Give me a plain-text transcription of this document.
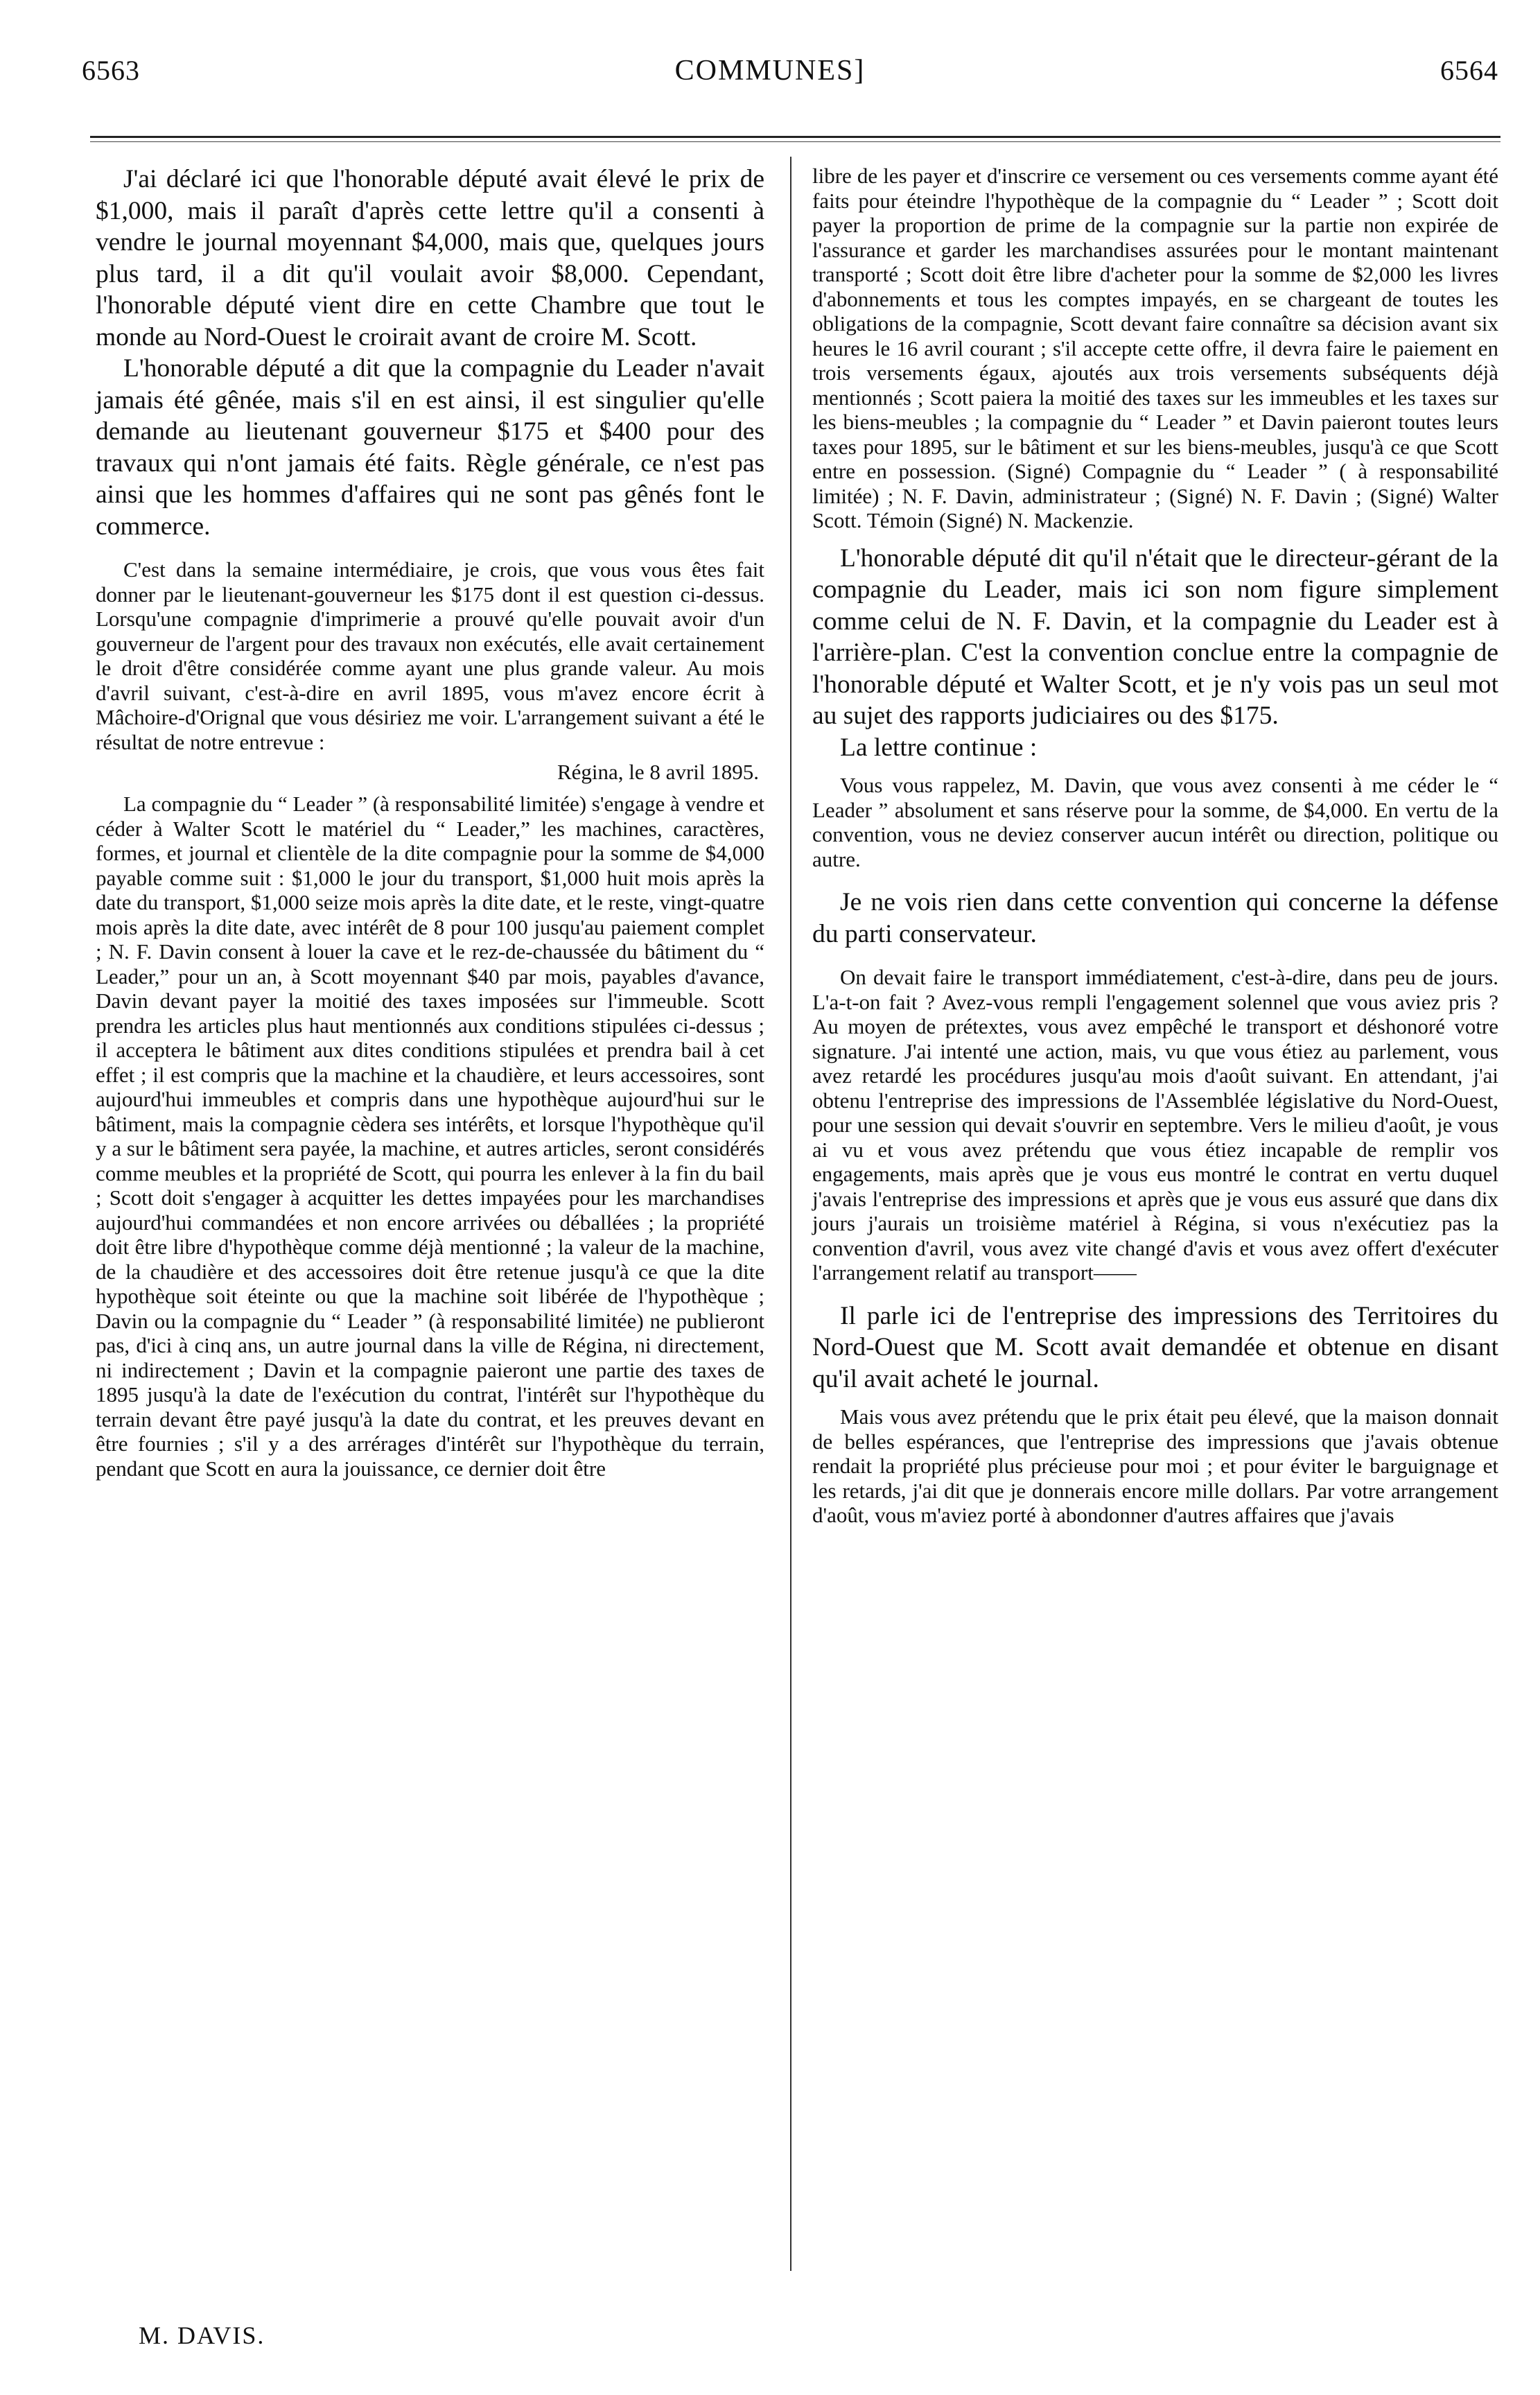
6563	COMMUNES]	6564

J'ai déclaré ici que l'honorable député avait élevé le prix de $1,000, mais il paraît d'après cette lettre qu'il a consenti à vendre le journal moyennant $4,000, mais que, quelques jours plus tard, il a dit qu'il voulait avoir $8,000. Cependant, l'honorable député vient dire en cette Chambre que tout le monde au Nord-Ouest le croirait avant de croire M. Scott.

L'honorable député a dit que la compagnie du Leader n'avait jamais été gênée, mais s'il en est ainsi, il est singulier qu'elle demande au lieutenant gouverneur $175 et $400 pour des travaux qui n'ont jamais été faits. Règle générale, ce n'est pas ainsi que les hommes d'affaires qui ne sont pas gênés font le commerce.

C'est dans la semaine intermédiaire, je crois, que vous vous êtes fait donner par le lieutenant-gouverneur les $175 dont il est question ci-dessus. Lorsqu'une compagnie d'imprimerie a prouvé qu'elle pouvait avoir d'un gouverneur de l'argent pour des travaux non exécutés, elle avait certainement le droit d'être considérée comme ayant une plus grande valeur. Au mois d'avril suivant, c'est-à-dire en avril 1895, vous m'avez encore écrit à Mâchoire-d'Orignal que vous désiriez me voir. L'arrangement suivant a été le résultat de notre entrevue :

Régina, le 8 avril 1895.

La compagnie du “ Leader ” (à responsabilité limitée) s'engage à vendre et céder à Walter Scott le matériel du “ Leader,” les machines, caractères, formes, et journal et clientèle de la dite compagnie pour la somme de $4,000 payable comme suit : $1,000 le jour du transport, $1,000 huit mois après la date du transport, $1,000 seize mois après la dite date, et le reste, vingt-quatre mois après la dite date, avec intérêt de 8 pour 100 jusqu'au paiement complet ; N. F. Davin consent à louer la cave et le rez-de-chaussée du bâtiment du “ Leader,” pour un an, à Scott moyennant $40 par mois, payables d'avance, Davin devant payer la moitié des taxes imposées sur l'immeuble. Scott prendra les articles plus haut mentionnés aux conditions stipulées ci-dessus ; il acceptera le bâtiment aux dites conditions stipulées et prendra bail à cet effet ; il est compris que la machine et la chaudière, et leurs accessoires, sont aujourd'hui immeubles et compris dans une hypothèque aujourd'hui sur le bâtiment, mais la compagnie cèdera ses intérêts, et lorsque l'hypothèque qu'il y a sur le bâtiment sera payée, la machine, et autres articles, seront considérés comme meubles et la propriété de Scott, qui pourra les enlever à la fin du bail ; Scott doit s'engager à acquitter les dettes impayées pour les marchandises aujourd'hui commandées et non encore arrivées ou déballées ; la propriété doit être libre d'hypothèque comme déjà mentionné ; la valeur de la machine, de la chaudière et des accessoires doit être retenue jusqu'à ce que la dite hypothèque soit éteinte ou que la machine soit libérée de l'hypothèque ; Davin ou la compagnie du “ Leader ” (à responsabilité limitée) ne publieront pas, d'ici à cinq ans, un autre journal dans la ville de Régina, ni directement, ni indirectement ; Davin et la compagnie paieront une partie des taxes de 1895 jusqu'à la date de l'exécution du contrat, l'intérêt sur l'hypothèque du terrain devant être payé jusqu'à la date du contrat, et les preuves devant en être fournies ; s'il y a des arrérages d'intérêt sur l'hypothèque du terrain, pendant que Scott en aura la jouissance, ce dernier doit être

libre de les payer et d'inscrire ce versement ou ces versements comme ayant été faits pour éteindre l'hypothèque de la compagnie du “ Leader ” ; Scott doit payer la proportion de prime de la compagnie sur la partie non expirée de l'assurance et garder les marchandises assurées pour le montant maintenant transporté ; Scott doit être libre d'acheter pour la somme de $2,000 les livres d'abonnements et tous les comptes impayés, en se chargeant de toutes les obligations de la compagnie, Scott devant faire connaître sa décision avant six heures le 16 avril courant ; s'il accepte cette offre, il devra faire le paiement en trois versements égaux, ajoutés aux trois versements subséquents déjà mentionnés ; Scott paiera la moitié des taxes sur les immeubles et les taxes sur les biens-meubles ; la compagnie du “ Leader ” et Davin paieront toutes leurs taxes pour 1895, sur le bâtiment et sur les biens-meubles, jusqu'à ce que Scott entre en possession. (Signé) Compagnie du “ Leader ” ( à responsabilité limitée) ; N. F. Davin, administrateur ; (Signé) N. F. Davin ; (Signé) Walter Scott. Témoin (Signé) N. Mackenzie.

L'honorable député dit qu'il n'était que le directeur-gérant de la compagnie du Leader, mais ici son nom figure simplement comme celui de N. F. Davin, et la compagnie du Leader est à l'arrière-plan. C'est la convention conclue entre la compagnie de l'honorable député et Walter Scott, et je n'y vois pas un seul mot au sujet des rapports judiciaires ou des $175.

La lettre continue :

Vous vous rappelez, M. Davin, que vous avez consenti à me céder le “ Leader ” absolument et sans réserve pour la somme, de $4,000. En vertu de la convention, vous ne deviez conserver aucun intérêt ou direction, politique ou autre.

Je ne vois rien dans cette convention qui concerne la défense du parti conservateur.

On devait faire le transport immédiatement, c'est-à-dire, dans peu de jours. L'a-t-on fait ? Avez-vous rempli l'engagement solennel que vous aviez pris ? Au moyen de prétextes, vous avez empêché le transport et déshonoré votre signature. J'ai intenté une action, mais, vu que vous étiez au parlement, vous avez retardé les procédures jusqu'au mois d'août suivant. En attendant, j'ai obtenu l'entreprise des impressions de l'Assemblée législative du Nord-Ouest, pour une session qui devait s'ouvrir en septembre. Vers le milieu d'août, je vous ai vu et vous avez prétendu que vous étiez incapable de remplir vos engagements, mais après que je vous eus montré le contrat en vertu duquel j'avais l'entreprise des impressions et après que je vous eus assuré que dans dix jours j'aurais un troisième matériel à Régina, si vous n'exécutiez pas la convention d'avril, vous avez vite changé d'avis et vous avez offert d'exécuter l'arrangement relatif au transport——

Il parle ici de l'entreprise des impressions des Territoires du Nord-Ouest que M. Scott avait demandée et obtenue en disant qu'il avait acheté le journal.

Mais vous avez prétendu que le prix était peu élevé, que la maison donnait de belles espérances, que l'entreprise des impressions que j'avais obtenue rendait la propriété plus précieuse pour moi ; et pour éviter le barguignage et les retards, j'ai dit que je donnerais encore mille dollars. Par votre arrangement d'août, vous m'aviez porté à abondonner d'autres affaires que j'avais

M. DAVIS.
